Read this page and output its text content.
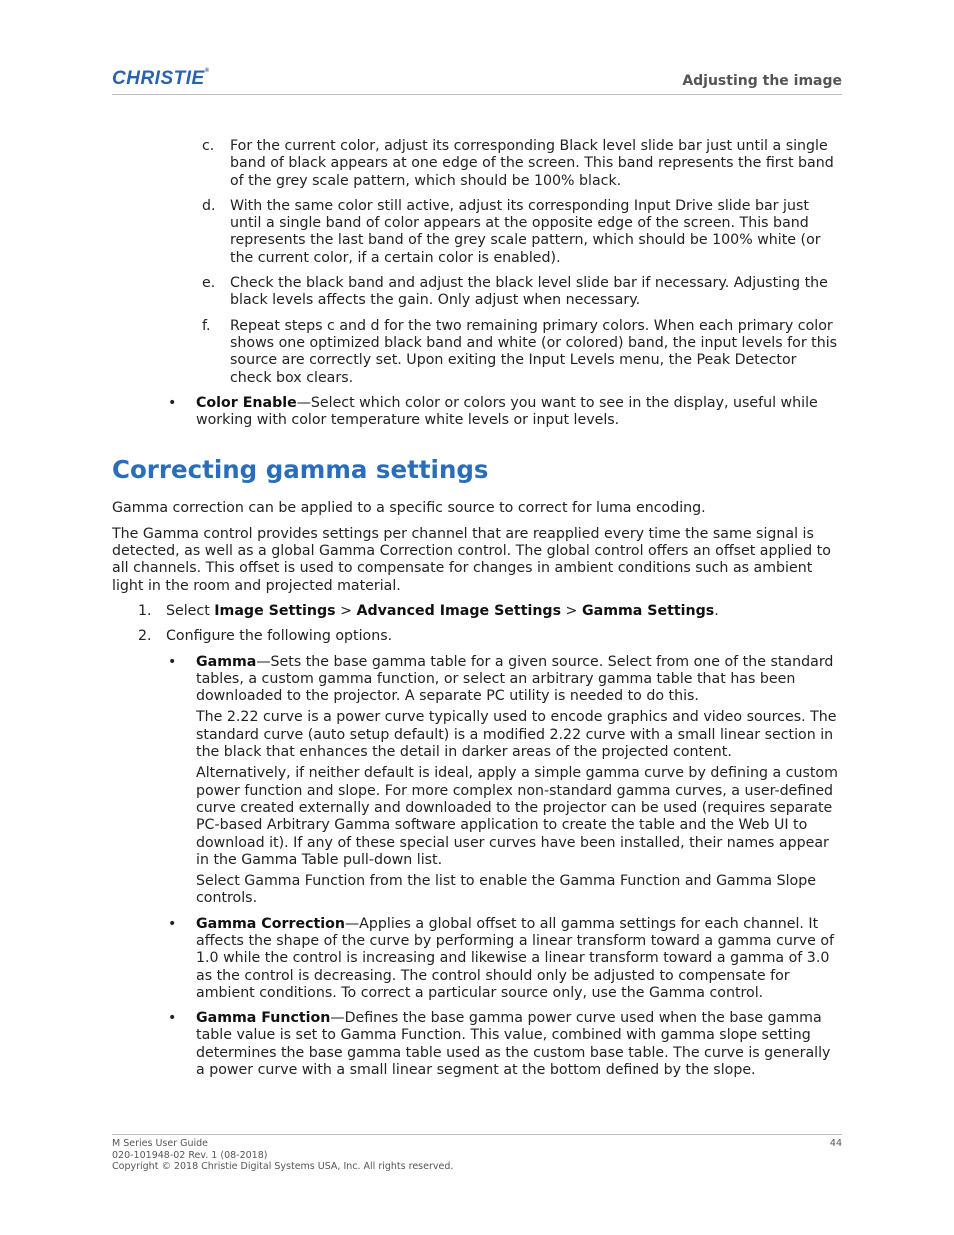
CHRISTIE®
Adjusting the image
c. For the current color, adjust its corresponding Black level slide bar just until a single band of black appears at one edge of the screen. This band represents the first band of the grey scale pattern, which should be 100% black.
d. With the same color still active, adjust its corresponding Input Drive slide bar just until a single band of color appears at the opposite edge of the screen. This band represents the last band of the grey scale pattern, which should be 100% white (or the current color, if a certain color is enabled).
e. Check the black band and adjust the black level slide bar if necessary. Adjusting the black levels affects the gain. Only adjust when necessary.
f. Repeat steps c and d for the two remaining primary colors. When each primary color shows one optimized black band and white (or colored) band, the input levels for this source are correctly set. Upon exiting the Input Levels menu, the Peak Detector check box clears.
• Color Enable—Select which color or colors you want to see in the display, useful while working with color temperature white levels or input levels.
Correcting gamma settings

Gamma correction can be applied to a specific source to correct for luma encoding.

The Gamma control provides settings per channel that are reapplied every time the same signal is detected, as well as a global Gamma Correction control. The global control offers an offset applied to all channels. This offset is used to compensate for changes in ambient conditions such as ambient light in the room and projected material.

1. Select Image Settings > Advanced Image Settings > Gamma Settings.
2. Configure the following options.
• Gamma—Sets the base gamma table for a given source. Select from one of the standard tables, a custom gamma function, or select an arbitrary gamma table that has been downloaded to the projector. A separate PC utility is needed to do this.

The 2.22 curve is a power curve typically used to encode graphics and video sources. The standard curve (auto setup default) is a modified 2.22 curve with a small linear section in the black that enhances the detail in darker areas of the projected content.

Alternatively, if neither default is ideal, apply a simple gamma curve by defining a custom power function and slope. For more complex non-standard gamma curves, a user-defined curve created externally and downloaded to the projector can be used (requires separate PC-based Arbitrary Gamma software application to create the table and the Web UI to download it). If any of these special user curves have been installed, their names appear in the Gamma Table pull-down list.

Select Gamma Function from the list to enable the Gamma Function and Gamma Slope controls.

• Gamma Correction—Applies a global offset to all gamma settings for each channel. It affects the shape of the curve by performing a linear transform toward a gamma curve of 1.0 while the control is increasing and likewise a linear transform toward a gamma of 3.0 as the control is decreasing. The control should only be adjusted to compensate for ambient conditions. To correct a particular source only, use the Gamma control.
• Gamma Function—Defines the base gamma power curve used when the base gamma table value is set to Gamma Function. This value, combined with gamma slope setting determines the base gamma table used as the custom base table. The curve is generally a power curve with a small linear segment at the bottom defined by the slope.
M Series User Guide
020-101948-02 Rev. 1 (08-2018)
Copyright © 2018 Christie Digital Systems USA, Inc. All rights reserved.
44
